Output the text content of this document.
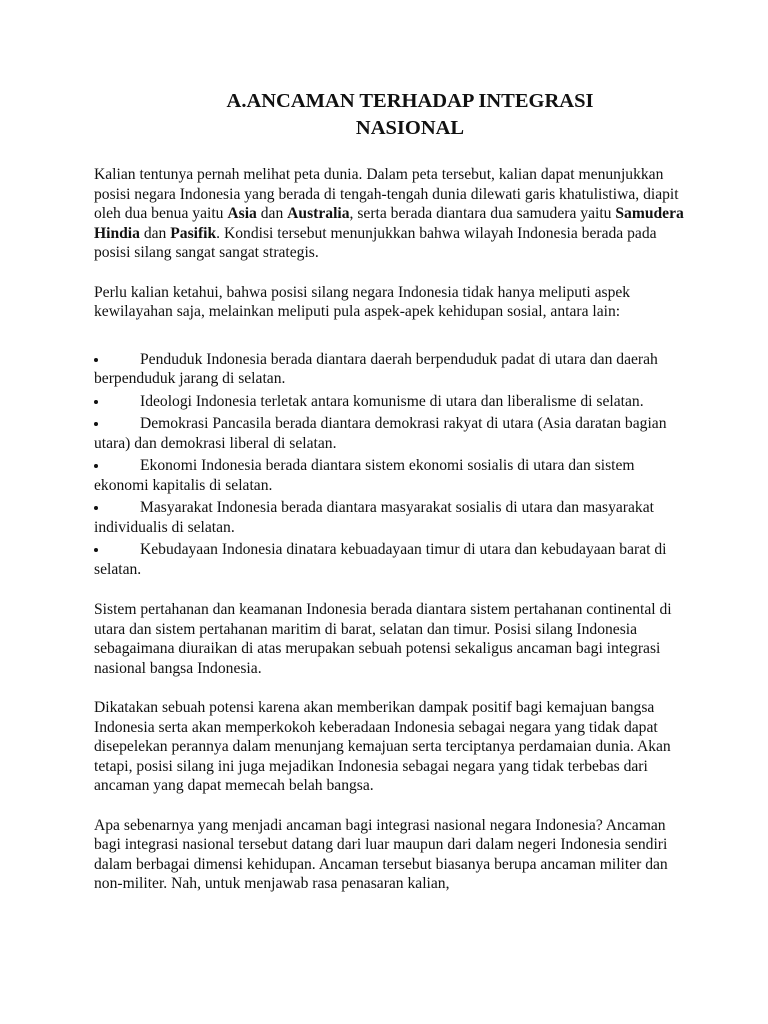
A.ANCAMAN TERHADAP INTEGRASI
NASIONAL

Kalian tentunya pernah melihat peta dunia. Dalam peta tersebut, kalian dapat menunjukkan posisi negara Indonesia yang berada di tengah-tengah dunia dilewati garis khatulistiwa, diapit oleh dua benua yaitu Asia dan Australia, serta berada diantara dua samudera yaitu Samudera Hindia dan Pasifik. Kondisi tersebut menunjukkan bahwa wilayah Indonesia berada pada posisi silang sangat sangat strategis.

Perlu kalian ketahui, bahwa posisi silang negara Indonesia tidak hanya meliputi aspek kewilayahan saja, melainkan meliputi pula aspek-apek kehidupan sosial, antara lain:

Penduduk Indonesia berada diantara daerah berpenduduk padat di utara dan daerah berpenduduk jarang di selatan.
Ideologi Indonesia terletak antara komunisme di utara dan liberalisme di selatan.
Demokrasi Pancasila berada diantara demokrasi rakyat di utara (Asia daratan bagian utara) dan demokrasi liberal di selatan.
Ekonomi Indonesia berada diantara sistem ekonomi sosialis di utara dan sistem ekonomi kapitalis di selatan.
Masyarakat Indonesia berada diantara masyarakat sosialis di utara dan masyarakat individualis di selatan.
Kebudayaan Indonesia dinatara kebuadayaan timur di utara dan kebudayaan barat di selatan.

Sistem pertahanan dan keamanan Indonesia berada diantara sistem pertahanan continental di utara dan sistem pertahanan maritim di barat, selatan dan timur. Posisi silang Indonesia sebagaimana diuraikan di atas merupakan sebuah potensi sekaligus ancaman bagi integrasi nasional bangsa Indonesia.

Dikatakan sebuah potensi karena akan memberikan dampak positif bagi kemajuan bangsa Indonesia serta akan memperkokoh keberadaan Indonesia sebagai negara yang tidak dapat disepelekan perannya dalam menunjang kemajuan serta terciptanya perdamaian dunia. Akan tetapi, posisi silang ini juga mejadikan Indonesia sebagai negara yang tidak terbebas dari ancaman yang dapat memecah belah bangsa.

Apa sebenarnya yang menjadi ancaman bagi integrasi nasional negara Indonesia? Ancaman bagi integrasi nasional tersebut datang dari luar maupun dari dalam negeri Indonesia sendiri dalam berbagai dimensi kehidupan. Ancaman tersebut biasanya berupa ancaman militer dan non-militer. Nah, untuk menjawab rasa penasaran kalian,
